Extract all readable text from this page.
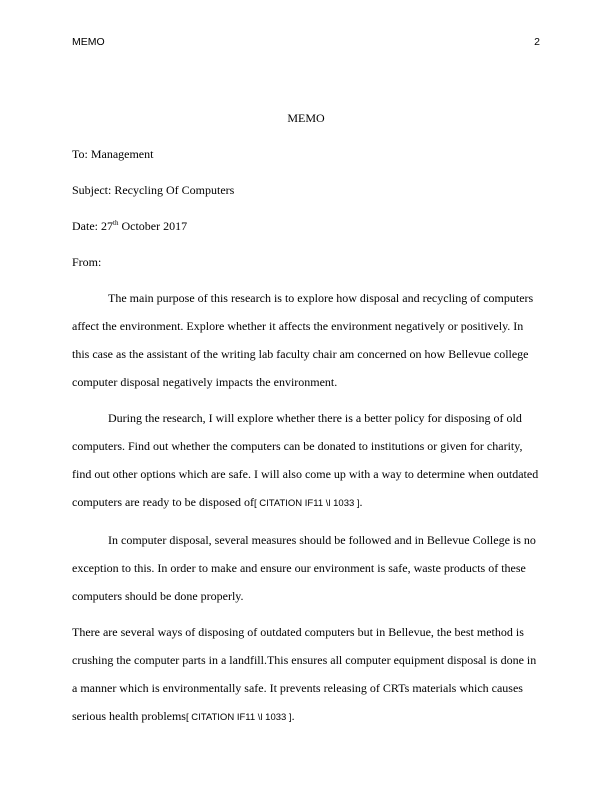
MEMO	2

MEMO

To: Management

Subject: Recycling Of Computers

Date: 27th October 2017

From:

The main purpose of this research is to explore how disposal and recycling of computers affect the environment. Explore whether it affects the environment negatively or positively. In this case as the assistant of the writing lab faculty chair am concerned on how Bellevue college computer disposal negatively impacts the environment.

During the research, I will explore whether there is a better policy for disposing of old computers. Find out whether the computers can be donated to institutions or given for charity, find out other options which are safe. I will also come up with a way to determine when outdated computers are ready to be disposed of[ CITATION IF11 \l 1033 ].

In computer disposal, several measures should be followed and in Bellevue College is no exception to this. In order to make and ensure our environment is safe, waste products of these computers should be done properly.

There are several ways of disposing of outdated computers but in Bellevue, the best method is crushing the computer parts in a landfill.This ensures all computer equipment disposal is done in a manner which is environmentally safe. It prevents releasing of CRTs materials which causes serious health problems[ CITATION IF11 \l 1033 ].
